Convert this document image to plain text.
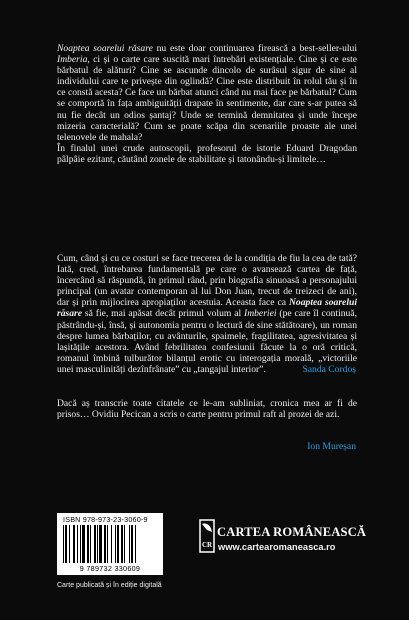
Noaptea soarelui răsare nu este doar continuarea firească a best-seller-ului Imberia, ci și o carte care suscită mari întrebări existențiale. Cine și ce este bărbatul de alături? Cine se ascunde dincolo de surâsul sigur de sine al individului care te privește din oglindă? Cine este distribuit în rolul tău și în ce constă acesta? Ce face un bărbat atunci când nu mai face pe bărbatul? Cum se comportă în fața ambiguității drapate în sentimente, dar care s-ar putea să nu fie decât un odios șantaj? Unde se termină demnitatea și unde începe mizeria caracterială? Cum se poate scăpa din scenariile proaste ale unei telenovele de mahala?

În finalul unei crude autoscopii, profesorul de istorie Eduard Dragodan pâlpâie ezitant, căutând zonele de stabilitate și tatonându-și limitele…

Cum, când și cu ce costuri se face trecerea de la condiția de fiu la cea de tată? Iată, cred, întrebarea fundamentală pe care o avansează cartea de față, încercând să răspundă, în primul rând, prin biografia sinuoasă a personajului principal (un avatar contemporan al lui Don Juan, trecut de treizeci de ani), dar și prin mijlocirea apropiaților acestuia. Aceasta face ca Noaptea soarelui răsare să fie, mai apăsat decât primul volum al Imberiei (pe care îl continuă, păstrându-și, însă, și autonomia pentru o lectură de sine stătătoare), un roman despre lumea bărbaților, cu avânturile, spaimele, fragilitatea, agresivitatea și lașitățile acestora. Având febrilitatea confesiunii făcute la o oră critică, romanul îmbină tulburător bilanțul erotic cu interogația morală, „victoriile unei masculinități dezînfrânate” cu „tangajul interior”.	Sanda Cordoș

Dacă aș transcrie toate citatele ce le-am subliniat, cronica mea ar fi de prisos… Ovidiu Pecican a scris o carte pentru primul raft al prozei de azi.

Ion Mureșan
ISBN 978-973-23-3060-9
9 789732 330609
Carte publicată și în ediție digitală
CR
CARTEA ROMÂNEASCĂ
www.cartearomaneasca.ro
